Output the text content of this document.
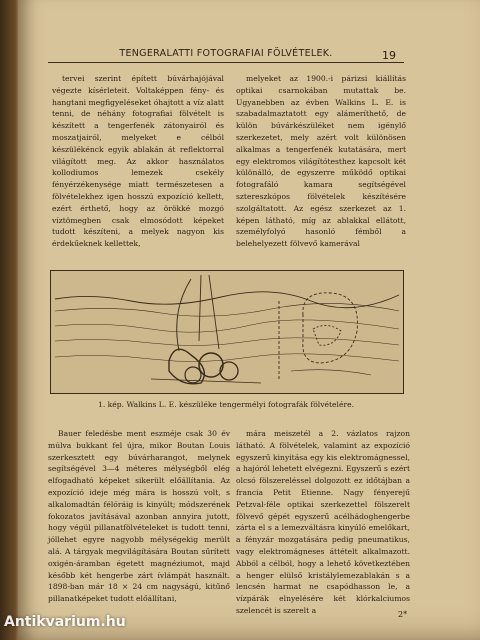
TENGERALATTI FOTOGRAFIAI FÖLVÉTELEK.	19

tervei szerint épített búvárhajójával végezte kísérleteit. Voltaképpen fény- és hangtani megfigyeléseket óhajtott a víz alatt tenni, de néhány fotografiai fölvételt is készített a tengerfenék zátonyairól és moszatjairól, melyeket e célból készülékénck egyik ablakán át reflektorral világított meg. Az akkor használatos kollodiumos lemezek csekély fényérzékenysége miatt természetesen a fölvételekhez igen hosszú expozíció kellett, ezért érthető, hogy az örökké mozgó víztömegben csak elmosódott képeket tudott készíteni, a melyek nagyon kis érdekűeknek kellettek,

melyeket az 1900.-i párizsi kiállítás optikai csarnokában mutattak be. Ugyanebben az évben Walkins L. E. is szabadalmaztatott egy alámeríthető, de külön búvárkészüléket nem igénylő szerkezetet, mely azért volt különösen alkalmas a tengerfenék kutatására, mert egy elektromos világítótesthez kapcsolt két különálló, de egyszerre működő optikai fotografáló kamara segítségével sztereszkópos fölvételek készítésére szolgáltatott. Az egész szerkezet az 1. képen látható, míg az ablakkal ellátott, személyfolyó hasonló fémből a belehelyezett fölvevő kamerával

1. kép. Walkins L. E. készüléke tengermélyi fotografák fölvételére.

Bauer feledésbe ment eszméje csak 30 év múlva bukkant fel újra, mikor Boutan Louis szerkesztett egy búvárharangot, melynek segítségével 3—4 méteres mélységből elég elfogadható képeket sikerült előállítania. Az expozíció ideje még mára is hosszú volt, s alkalomadtán félóráig is kinyúlt; módszerének fokozatos javításával azonban annyira jutott, hogy végül pillanatfölvételeket is tudott tenni, jóllehet egyre nagyobb mélységekig merült alá. A tárgyak megvilágítására Boutan sűrített oxigén-áramban égetett magnéziumot, majd később két hengerbe zárt ívlámpát használt. 1898-ban már 18 × 24 cm nagyságú, kitűnő pillanatképeket tudott előállítani,

mára meiszetél a 2. vázlatos rajzon látható. A fölvételek, valamint az expozíció egyszerű kinyitása egy kis elektromágnessel, a hajóról lehetett elvégezni. Egyszerű s ezért olcsó fölszereléssel dolgozott ez időtájban a francia Petit Etienne. Nagy fényerejű Petzval-féle optikai szerkezettel fölszerelt fölvevő gépét egyszerű acélhádoghengerbe zárta el s a lemezváltásra kinyúló emelőkart, a fényzár mozgatására pedig pneumatikus, vagy elektromágneses áttételt alkalmazott. Abból a célból, hogy a lehető következtében a henger elülső kristálylemezablakán s a lencsén harmat ne csapódhasson le, a vízpárák elnyelésére két klórkalciumos szelencét is szerelt a	2*
Antikvarium.hu
